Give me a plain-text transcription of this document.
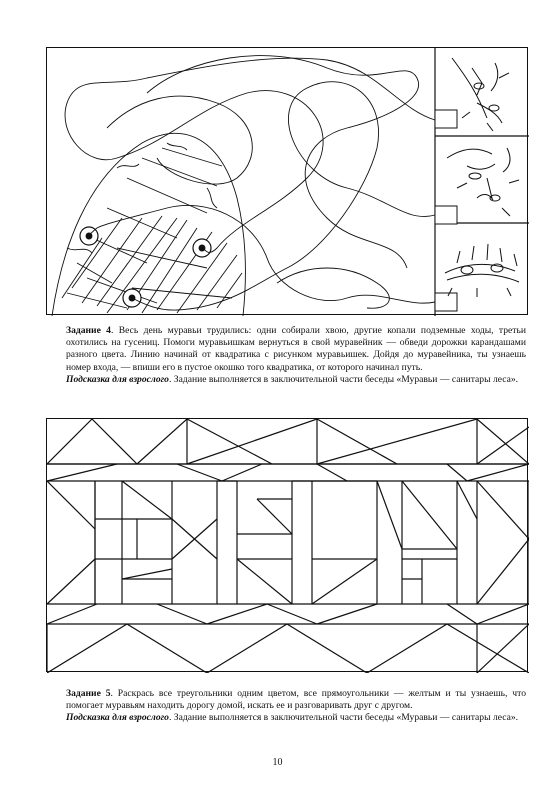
Задание 4. Весь день муравьи трудились: одни собирали хвою, другие копали подземные ходы, третьи охотились на гусениц. Помоги муравьишкам вернуться в свой муравейник — обведи дорожки карандашами разного цвета. Линию начинай от квадратика с рисунком муравьишек. Дойдя до муравейника, ты узнаешь номер входа, — впиши его в пустое окошко того квадратика, от которого начинал путь.
Подсказка для взрослого. Задание выполняется в заключительной части беседы «Муравьи — санитары леса».
Задание 5. Раскрась все треугольники одним цветом, все прямоугольники — желтым и ты узнаешь, что помогает муравьям находить дорогу домой, искать ее и разговаривать друг с другом.
Подсказка для взрослого. Задание выполняется в заключительной части беседы «Муравьи — санитары леса».
10
